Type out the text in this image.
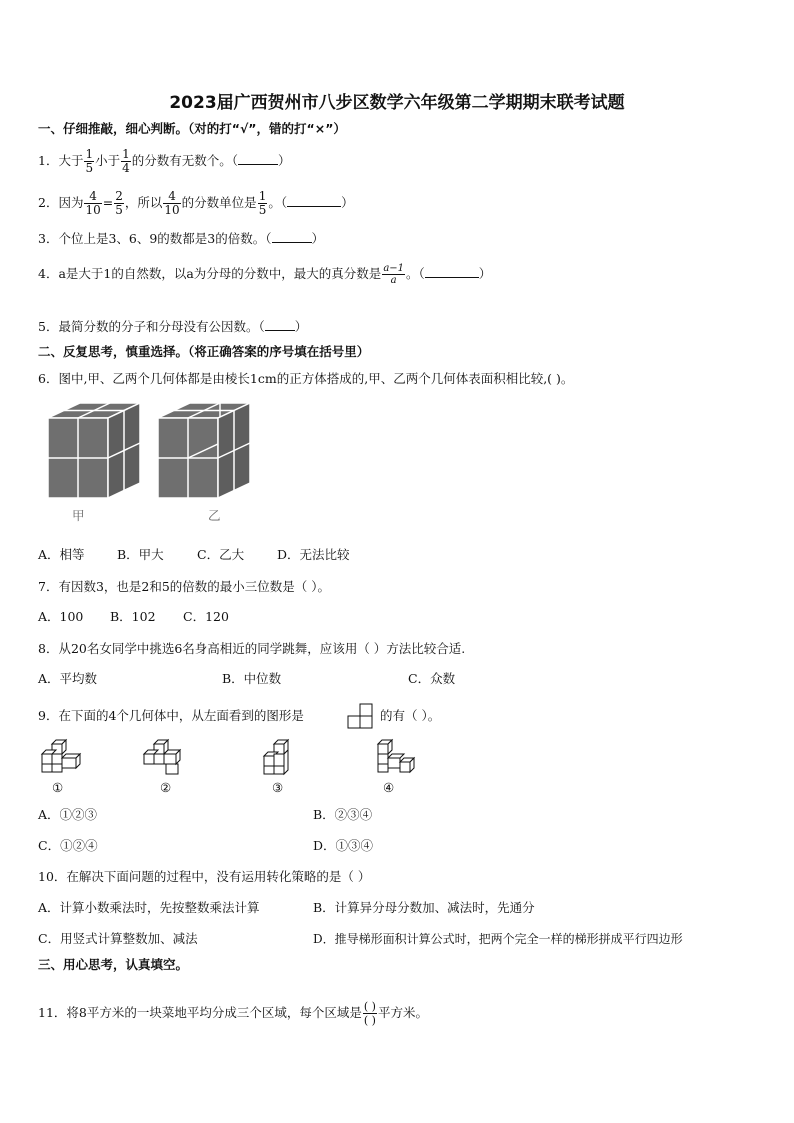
2023届广西贺州市八步区数学六年级第二学期期末联考试题
一、仔细推敲，细心判断。（对的打“√”，错的打“×”）
1．大于 $\frac{1}{5}$ 小于 $\frac{1}{4}$ 的分数有无数个。（	）
2．因为 $\frac{4}{10} = \frac{2}{5}$ ，所以 $\frac{4}{10}$ 的分数单位是 $\frac{1}{5}$ 。（	）
3．个位上是3、6、9的数都是3的倍数。（	）
4．a是大于1的自然数，以a为分母的分数中，最大的真分数是 $\frac{a-1}{a}$ 。（	）
5．最简分数的分子和分母没有公因数。（ ）
二、反复思考，慎重选择。（将正确答案的序号填在括号里）
6．图中,甲、乙两个几何体都是由棱长1cm的正方体搭成的,甲、乙两个几何体表面积相比较,( )。
甲	乙
A．相等	B．甲大	C．乙大	D．无法比较
7．有因数3，也是2和5的倍数的最小三位数是（ ）。
A．100 B．102 C．120
8．从20名女同学中挑选6名身高相近的同学跳舞，应该用（ ）方法比较合适.
A．平均数	B．中位数	C．众数
9．在下面的4个几何体中，从左面看到的图形是	的有（ ）。
①	②	③	④
A．①②③	B．②③④
C．①②④	D．①③④
10．在解决下面问题的过程中，没有运用转化策略的是（ ）
A．计算小数乘法时，先按整数乘法计算	B．计算异分母分数加、减法时，先通分
C．用竖式计算整数加、减法	D．推导梯形面积计算公式时，把两个完全一样的梯形拼成平行四边形
三、用心思考，认真填空。
11．将8平方米的一块菜地平均分成三个区域，每个区域是 $\frac{( )}{( )}$ 平方米。
